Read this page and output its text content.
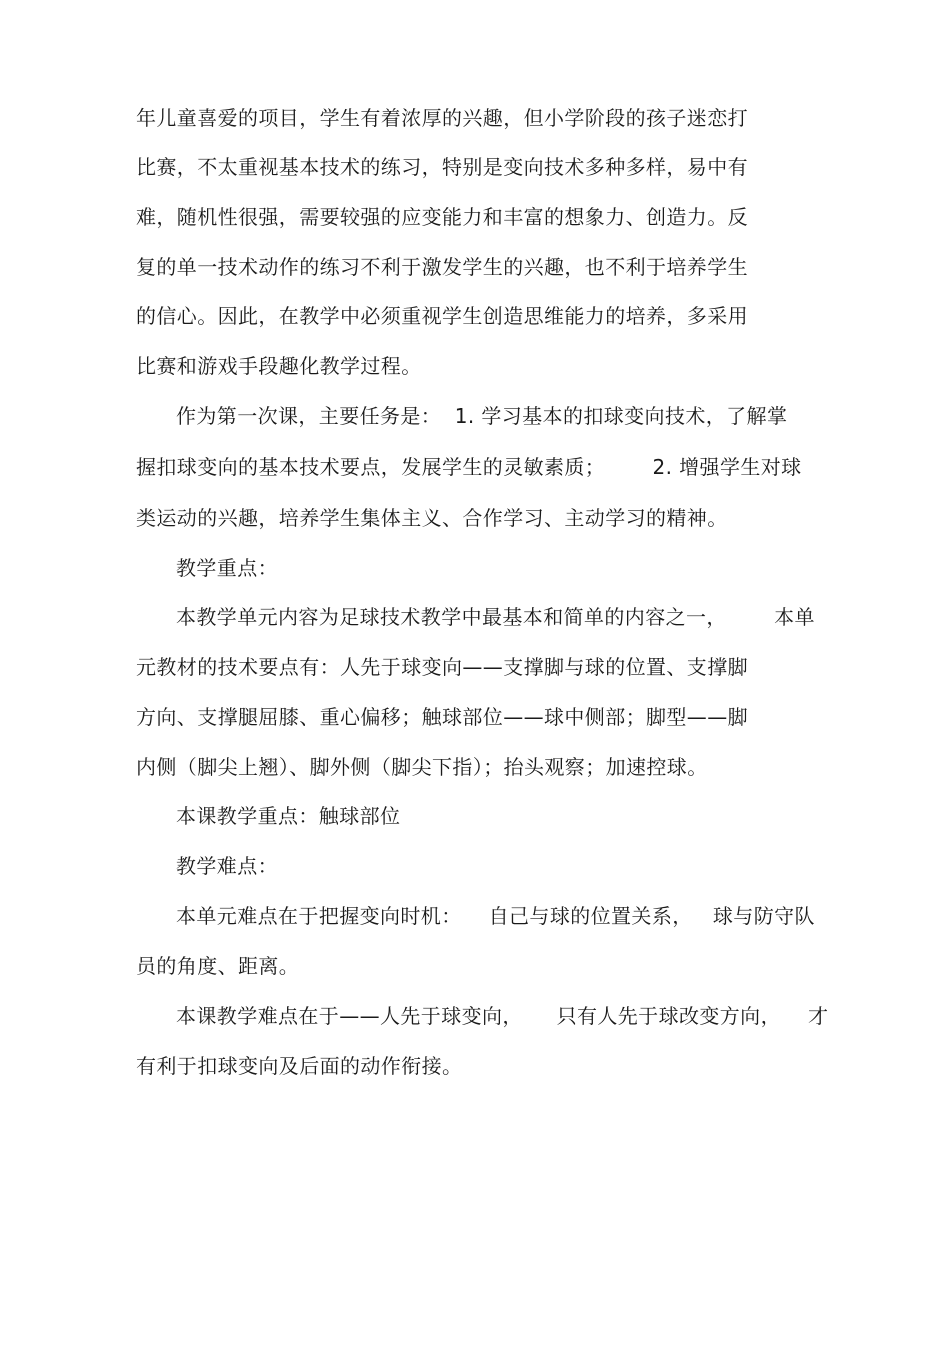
年儿童喜爱的项目，学生有着浓厚的兴趣，但小学阶段的孩子迷恋打
比赛，不太重视基本技术的练习，特别是变向技术多种多样，易中有
难，随机性很强，需要较强的应变能力和丰富的想象力、创造力。反
复的单一技术动作的练习不利于激发学生的兴趣，也不利于培养学生
的信心。因此，在教学中必须重视学生创造思维能力的培养，多采用
比赛和游戏手段趣化教学过程。
作为第一次课，主要任务是：  1. 学习基本的扣球变向技术，了解掌
握扣球变向的基本技术要点，发展学生的灵敏素质；       2. 增强学生对球
类运动的兴趣，培养学生集体主义、合作学习、主动学习的精神。
教学重点：
本教学单元内容为足球技术教学中最基本和简单的内容之一，       本单
元教材的技术要点有：人先于球变向——支撑脚与球的位置、支撑脚
方向、支撑腿屈膝、重心偏移；触球部位——球中侧部；脚型——脚
内侧（脚尖上翘）、脚外侧（脚尖下指）；抬头观察；加速控球。
本课教学重点：触球部位
教学难点：
本单元难点在于把握变向时机：    自己与球的位置关系，   球与防守队
员的角度、距离。
本课教学难点在于——人先于球变向，     只有人先于球改变方向，    才
有利于扣球变向及后面的动作衔接。
